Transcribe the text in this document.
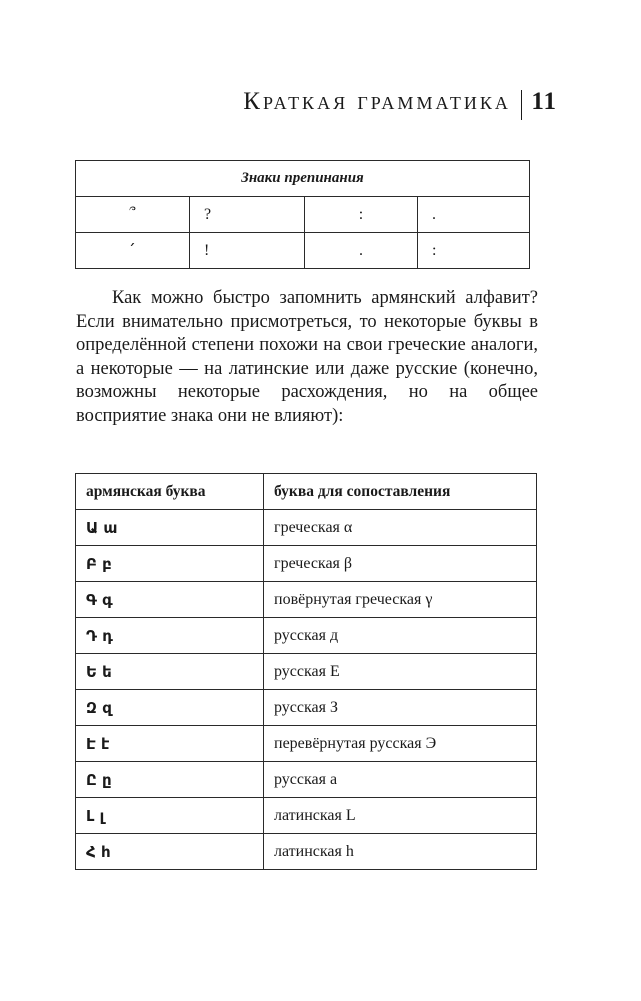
Краткая грамматика 11
Знаки препинания			
՞	?	:	.
՛	!	.	:
Как можно быстро запомнить армянский алфавит? Если внимательно присмотреться, то некоторые буквы в определённой степени похожи на свои греческие аналоги, а некоторые — на латинские или даже русские (конечно, возможны некоторые расхождения, но на общее восприятие знака они не влияют):
армянская буква	буква для сопоставления
Ա ա	греческая α
Բ բ	греческая β
Գ գ	повёрнутая греческая γ
Դ դ	русская д
Ե ե	русская Е
Զ զ	русская З
Է է	перевёрнутая русская Э
Ը ը	русская а
Լ լ	латинская L
Հ հ	латинская h
